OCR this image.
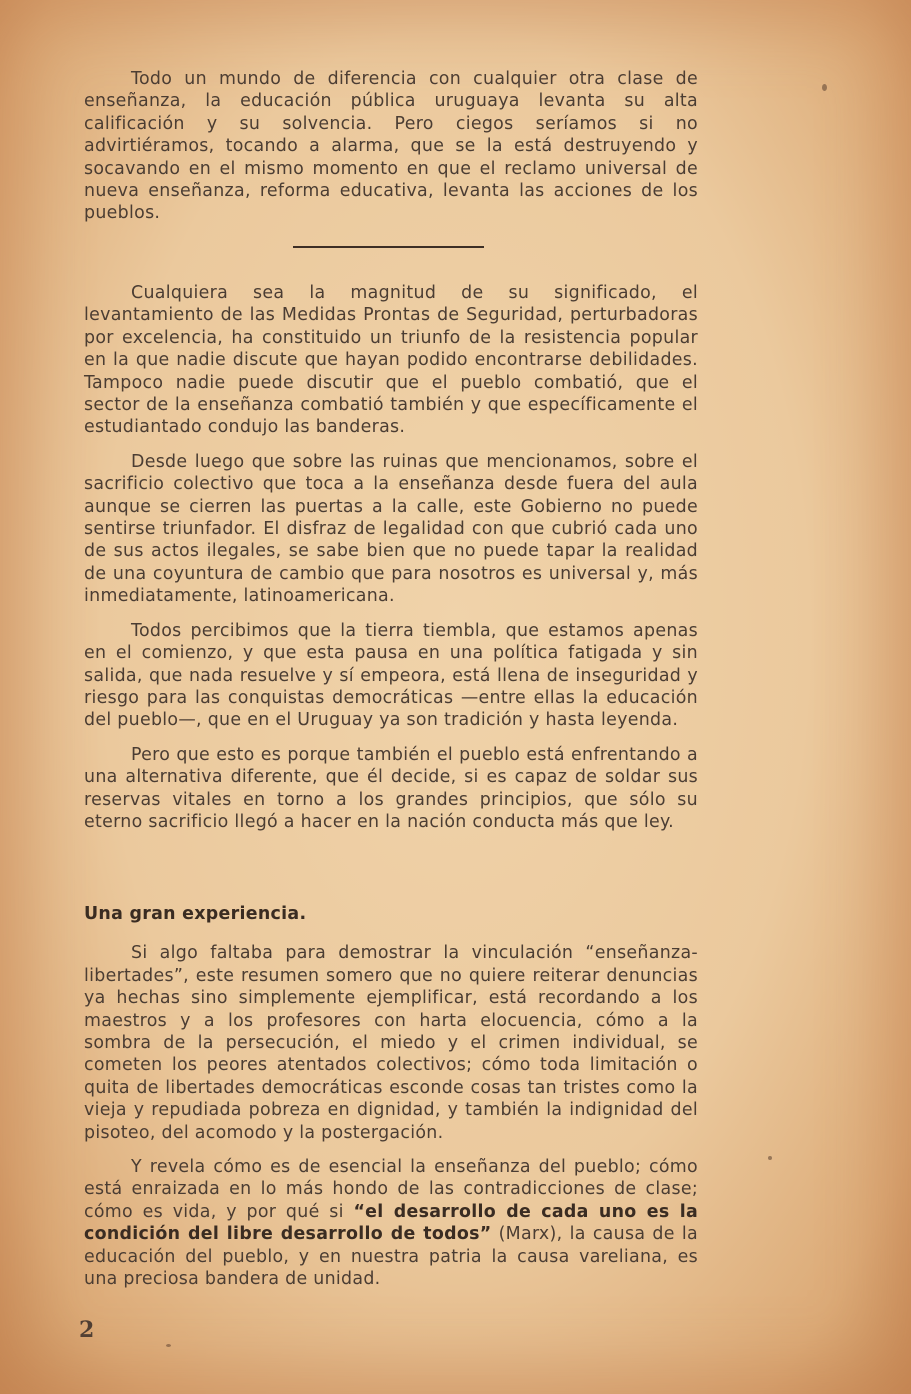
Todo un mundo de diferencia con cualquier otra clase de enseñanza, la educación pública uruguaya levanta su alta calificación y su solvencia. Pero ciegos seríamos si no advirtiéramos, tocando a alarma, que se la está destruyendo y socavando en el mismo momento en que el reclamo universal de nueva enseñanza, reforma educativa, levanta las acciones de los pueblos.

Cualquiera sea la magnitud de su significado, el levantamiento de las Medidas Prontas de Seguridad, perturbadoras por excelencia, ha constituido un triunfo de la resistencia popular en la que nadie discute que hayan podido encontrarse debilidades. Tampoco nadie puede discutir que el pueblo combatió, que el sector de la enseñanza combatió también y que específicamente el estudiantado condujo las banderas.

Desde luego que sobre las ruinas que mencionamos, sobre el sacrificio colectivo que toca a la enseñanza desde fuera del aula aunque se cierren las puertas a la calle, este Gobierno no puede sentirse triunfador. El disfraz de legalidad con que cubrió cada uno de sus actos ilegales, se sabe bien que no puede tapar la realidad de una coyuntura de cambio que para nosotros es universal y, más inmediatamente, latinoamericana.

Todos percibimos que la tierra tiembla, que estamos apenas en el comienzo, y que esta pausa en una política fatigada y sin salida, que nada resuelve y sí empeora, está llena de inseguridad y riesgo para las conquistas democráticas —entre ellas la educación del pueblo—, que en el Uruguay ya son tradición y hasta leyenda.

Pero que esto es porque también el pueblo está enfrentando a una alternativa diferente, que él decide, si es capaz de soldar sus reservas vitales en torno a los grandes principios, que sólo su eterno sacrificio llegó a hacer en la nación conducta más que ley.

Una gran experiencia.

Si algo faltaba para demostrar la vinculación “enseñanza-libertades”, este resumen somero que no quiere reiterar denuncias ya hechas sino simplemente ejemplificar, está recordando a los maestros y a los profesores con harta elocuencia, cómo a la sombra de la persecución, el miedo y el crimen individual, se cometen los peores atentados colectivos; cómo toda limitación o quita de libertades democráticas esconde cosas tan tristes como la vieja y repudiada pobreza en dignidad, y también la indignidad del pisoteo, del acomodo y la postergación.

Y revela cómo es de esencial la enseñanza del pueblo; cómo está enraizada en lo más hondo de las contradicciones de clase; cómo es vida, y por qué si “el desarrollo de cada uno es la condición del libre desarrollo de todos” (Marx), la causa de la educación del pueblo, y en nuestra patria la causa vareliana, es una preciosa bandera de unidad.

2
